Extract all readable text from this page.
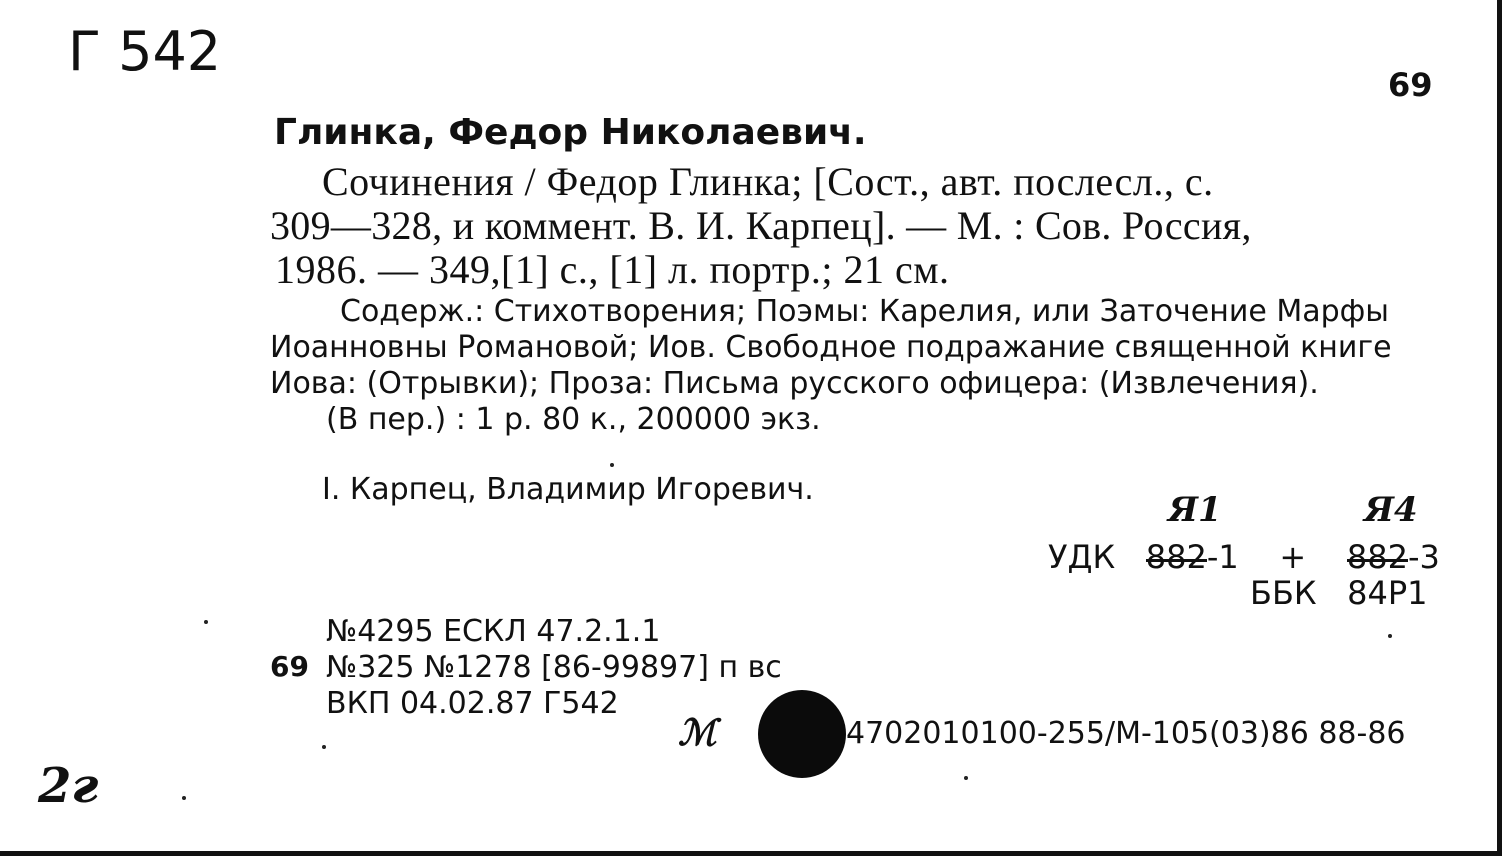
Г 542
69
Глинка, Федор Николаевич.
Сочинения / Федор Глинка; [Сост., авт. послесл., с.
309—328, и коммент. В. И. Карпец]. — М. : Сов. Россия,
1986. — 349,[1] с., [1] л. портр.; 21 см.
Содерж.: Стихотворения; Поэмы: Карелия, или Заточение Марфы
Иоанновны Романовой; Иов. Свободное подражание священной книге
Иова: (Отрывки); Проза: Письма русского офицера: (Извлечения).
(В пер.) : 1 р. 80 к., 200000 экз.
I. Карпец, Владимир Игоревич.
Я1	Я4
УДК 882-1 + 882-3
ББК 84Р1
№4295 ЕСКЛ 47.2.1.1
69 №325 №1278 [86-99897] п вс
ВКП 04.02.87 Г542
ℳ	4702010100-255/М-105(03)86 88-86
2г
